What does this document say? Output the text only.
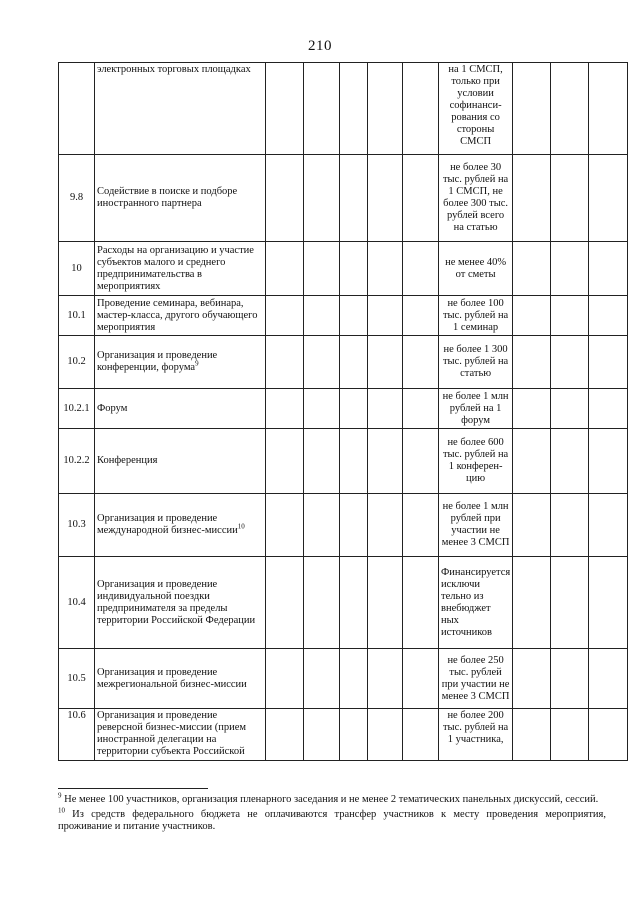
210
	электронных торговых площадках						на 1 СМСП, только при условии софинанси-рования со стороны СМСП			
9.8	Содействие в поиске и подборе иностранного партнера						не более 30 тыс. рублей на 1 СМСП, не более 300 тыс. рублей всего на статью			
10	Расходы на организацию и участие субъектов малого и среднего предпринимательства в мероприятиях						не менее 40% от сметы			
10.1	Проведение семинара, вебинара, мастер-класса, другого обучающего мероприятия						не более 100 тыс. рублей на 1 семинар			
10.2	Организация и проведение конференции, форума$^9$						не более 1 300 тыс. рублей на статью			
10.2.1	Форум						не более 1 млн рублей на 1 форум			
10.2.2	Конференция						не более 600 тыс. рублей на 1 конферен-цию			
10.3	Организация и проведение международной бизнес-миссии$^{10}$						не более 1 млн рублей при участии не менее 3 СМСП			
10.4	Организация и проведение индивидуальной поездки предпринимателя за пределы территории Российской Федерации						Финансируется исключи тельно из внебюджет ных источников			
10.5	Организация и проведение межрегиональной бизнес-миссии						не более 250 тыс. рублей при участии не менее 3 СМСП			
10.6	Организация и проведение реверсной бизнес-миссии (прием иностранной делегации на территории субъекта Российской						не более 200 тыс. рублей на 1 участника,			

$^9$ Не менее 100 участников, организация пленарного заседания и не менее 2 тематических панельных дискуссий, сессий.

$^{10}$ Из средств федерального бюджета не оплачиваются трансфер участников к месту проведения мероприятия, проживание и питание участников.
